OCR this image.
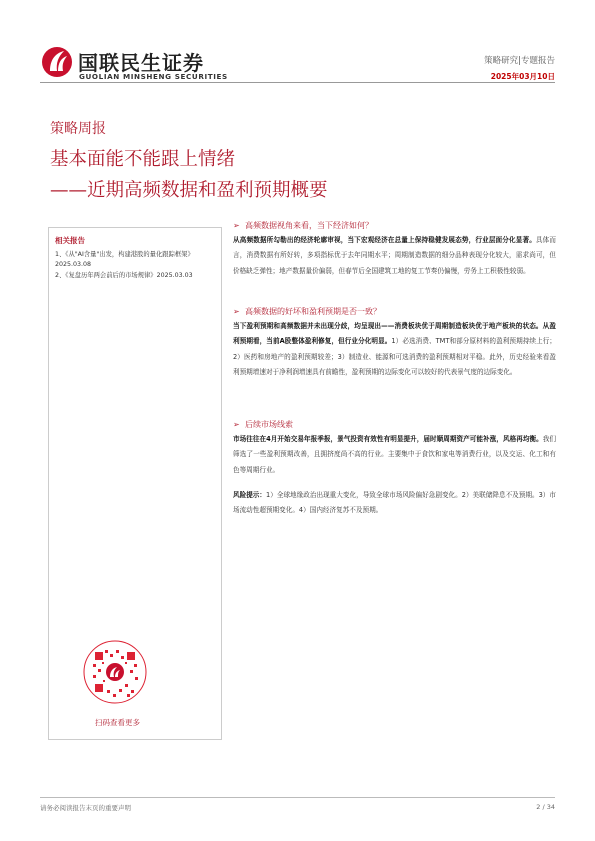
国联民生证券
GUOLIAN MINSHENG SECURITIES
策略研究|专题报告
2025年03月10日
策略周报
基本面能不能跟上情绪
——近期高频数据和盈利预期概要
相关报告
1、《从"AI含量"出发，构建港股的量化跟踪框架》2025.03.08
2、《复盘历年两会前后的市场规律》2025.03.03
扫码查看更多
➢ 高频数据视角来看，当下经济如何？
从高频数据所勾勒出的经济轮廓审视，当下宏观经济在总量上保持稳健发展态势，行业层面分化显著。具体而言，消费数据有所好转，多项指标优于去年同期水平；周期制造数据的细分品种表现分化较大，需求尚可，但价格缺乏弹性；地产数据量价偏弱，但春节后全国建筑工地的复工节奏仍偏慢，劳务上工积极性较弱。
➢ 高频数据的好坏和盈利预期是否一致？
当下盈利预期和高频数据并未出现分歧，均呈现出——消费板块优于周期制造板块优于地产板块的状态。从盈利预期看，当前A股整体盈利修复，但行业分化明显。1）必选消费、TMT和部分原材料的盈利预期持续上行；2）医药和房地产的盈利预期较差；3）制造业、能源和可选消费的盈利预期相对平稳。此外，历史经验来看盈利预期增速对于净利润增速具有前瞻性，盈利预期的边际变化可以较好的代表景气度的边际变化。
➢ 后续市场线索
市场往往在4月开始交易年报季报，景气投资有效性有明显提升，届时顺周期资产可能补涨，风格再均衡。我们筛选了一些盈利预期改善，且拥挤度尚不高的行业。主要集中于食饮和家电等消费行业，以及交运、化工和有色等周期行业。
风险提示：1）全球地缘政治出现重大变化，导致全球市场风险偏好急剧变化。2）美联储降息不及预期。3）市场流动性超预期变化。4）国内经济复苏不及预期。
请务必阅读报告末页的重要声明	2 / 34
